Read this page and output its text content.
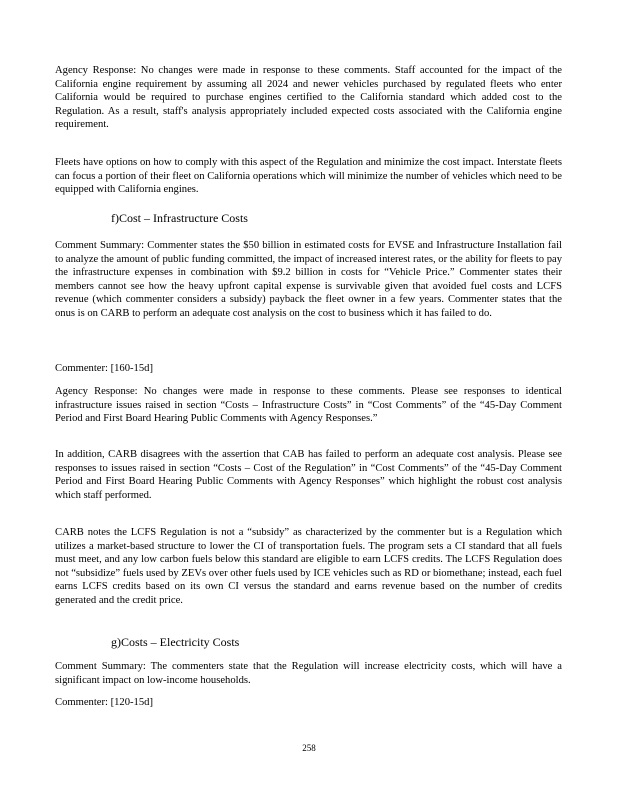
Agency Response: No changes were made in response to these comments. Staff accounted for the impact of the California engine requirement by assuming all 2024 and newer vehicles purchased by regulated fleets who enter California would be required to purchase engines certified to the California standard which added cost to the Regulation. As a result, staff's analysis appropriately included expected costs associated with the California engine requirement.

Fleets have options on how to comply with this aspect of the Regulation and minimize the cost impact. Interstate fleets can focus a portion of their fleet on California operations which will minimize the number of vehicles which need to be equipped with California engines.

f)Cost – Infrastructure Costs

Comment Summary: Commenter states the $50 billion in estimated costs for EVSE and Infrastructure Installation fail to analyze the amount of public funding committed, the impact of increased interest rates, or the ability for fleets to pay the infrastructure expenses in combination with $9.2 billion in costs for “Vehicle Price.” Commenter states their members cannot see how the heavy upfront capital expense is survivable given that avoided fuel costs and LCFS revenue (which commenter considers a subsidy) payback the fleet owner in a few years. Commenter states that the onus is on CARB to perform an adequate cost analysis on the cost to business which it has failed to do.

Commenter: [160-15d]

Agency Response: No changes were made in response to these comments. Please see responses to identical infrastructure issues raised in section “Costs – Infrastructure Costs” in “Cost Comments” of the “45-Day Comment Period and First Board Hearing Public Comments with Agency Responses.”

In addition, CARB disagrees with the assertion that CAB has failed to perform an adequate cost analysis. Please see responses to issues raised in section “Costs – Cost of the Regulation” in “Cost Comments” of the “45-Day Comment Period and First Board Hearing Public Comments with Agency Responses” which highlight the robust cost analysis which staff performed.

CARB notes the LCFS Regulation is not a “subsidy” as characterized by the commenter but is a Regulation which utilizes a market-based structure to lower the CI of transportation fuels. The program sets a CI standard that all fuels must meet, and any low carbon fuels below this standard are eligible to earn LCFS credits. The LCFS Regulation does not “subsidize” fuels used by ZEVs over other fuels used by ICE vehicles such as RD or biomethane; instead, each fuel earns LCFS credits based on its own CI versus the standard and earns revenue based on the number of credits generated and the credit price.

g)Costs – Electricity Costs

Comment Summary: The commenters state that the Regulation will increase electricity costs, which will have a significant impact on low-income households.

Commenter: [120-15d]

258
